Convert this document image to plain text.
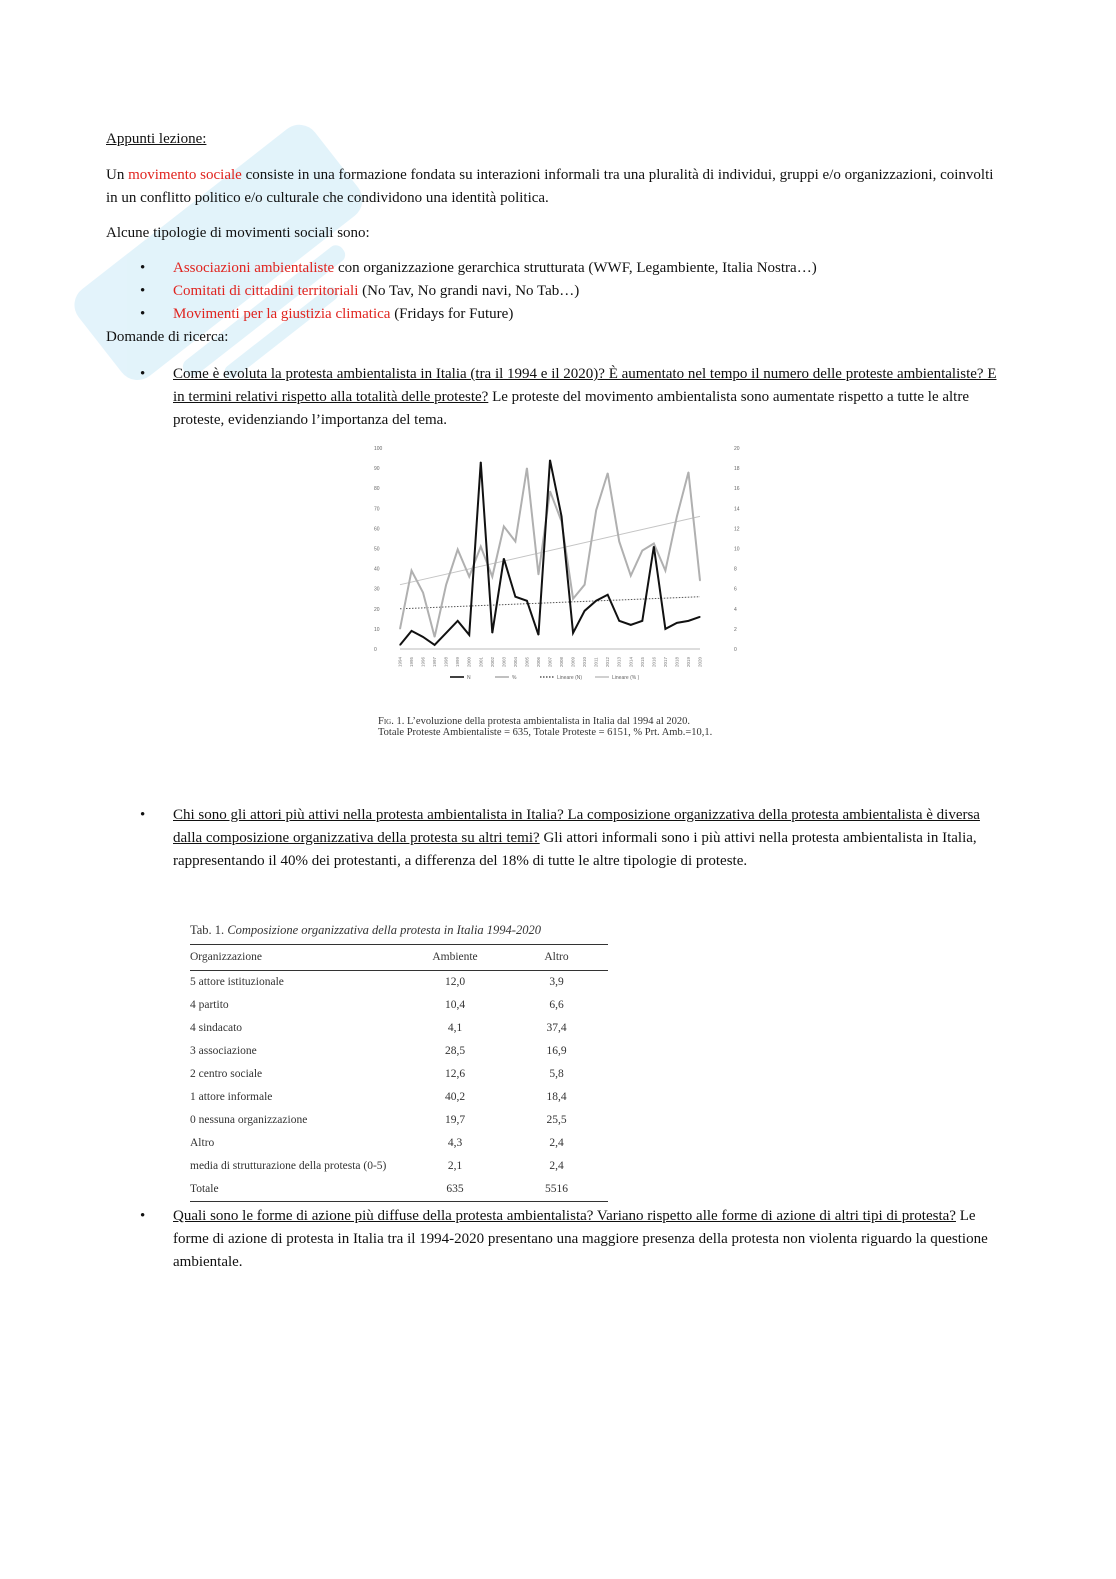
Appunti lezione:

Un movimento sociale consiste in una formazione fondata su interazioni informali tra una pluralità di individui, gruppi e/o organizzazioni, coinvolti in un conflitto politico e/o culturale che condividono una identità politica.

Alcune tipologie di movimenti sociali sono:

• Associazioni ambientaliste con organizzazione gerarchica strutturata (WWF, Legambiente, Italia Nostra…)
• Comitati di cittadini territoriali (No Tav, No grandi navi, No Tab…)
• Movimenti per la giustizia climatica (Fridays for Future)

Domande di ricerca:

• Come è evoluta la protesta ambientalista in Italia (tra il 1994 e il 2020)? È aumentato nel tempo il numero delle proteste ambientaliste? E in termini relativi rispetto alla totalità delle proteste? Le proteste del movimento ambientalista sono aumentate rispetto a tutte le altre proteste, evidenziando l’importanza del tema.
0
10
20
30
40
50
60
70
80
90
100
0
2
4
6
8
10
12
14
16
18
20
1994 1995 1996 1997 1998 1999 2000 2001 2002 2003 2004 2005 2006 2007 2008 2009 2010 2011 2012 2013 2014 2015 2016 2017 2018 2019 2020
N	%	Lineare (N)	Lineare (% )
Fig. 1. L’evoluzione della protesta ambientalista in Italia dal 1994 al 2020.
Totale Proteste Ambientaliste = 635, Totale Proteste = 6151, % Prt. Amb.=10,1.
• Chi sono gli attori più attivi nella protesta ambientalista in Italia? La composizione organizzativa della protesta ambientalista è diversa dalla composizione organizzativa della protesta su altri temi? Gli attori informali sono i più attivi nella protesta ambientalista in Italia, rappresentando il 40% dei protestanti, a differenza del 18% di tutte le altre tipologie di proteste.
Tab. 1. Composizione organizzativa della protesta in Italia 1994-2020
Organizzazione	Ambiente	Altro
5 attore istituzionale	12,0	3,9
4 partito	10,4	6,6
4 sindacato	4,1	37,4
3 associazione	28,5	16,9
2 centro sociale	12,6	5,8
1 attore informale	40,2	18,4
0 nessuna organizzazione	19,7	25,5
Altro	4,3	2,4
media di strutturazione della protesta (0-5)	2,1	2,4
Totale	635	5516
• Quali sono le forme di azione più diffuse della protesta ambientalista? Variano rispetto alle forme di azione di altri tipi di protesta? Le forme di azione di protesta in Italia tra il 1994-2020 presentano una maggiore presenza della protesta non violenta riguardo la questione ambientale.
